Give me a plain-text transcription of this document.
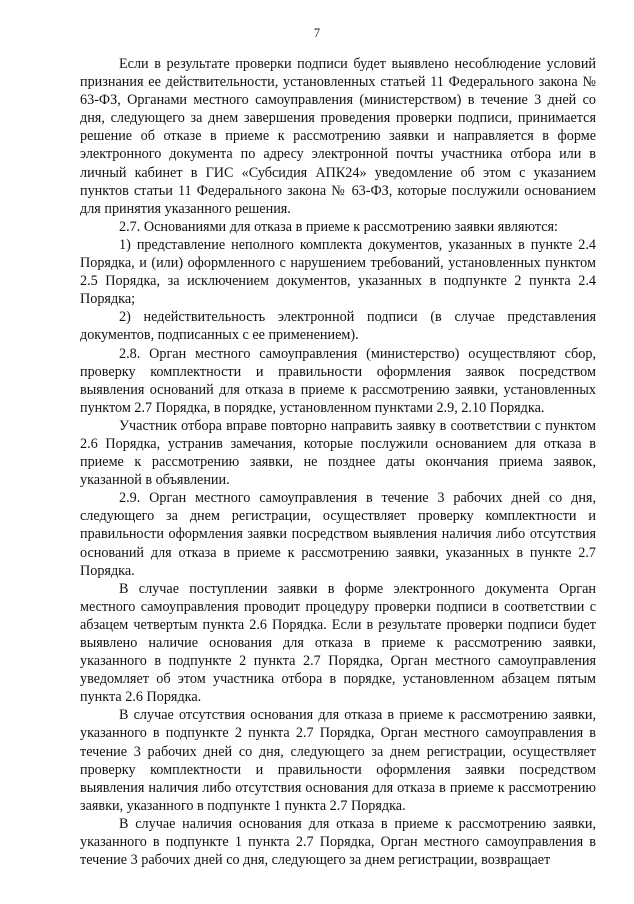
7

Если в результате проверки подписи будет выявлено несоблюдение условий признания ее действительности, установленных статьей 11 Федерального закона № 63-ФЗ, Органами местного самоуправления (министерством) в течение 3 дней со дня, следующего за днем завершения проведения проверки подписи, принимается решение об отказе в приеме к рассмотрению заявки и направляется в форме электронного документа по адресу электронной почты участника отбора или в личный кабинет в ГИС «Субсидия АПК24» уведомление об этом с указанием пунктов статьи 11 Федерального закона № 63-ФЗ, которые послужили основанием для принятия указанного решения.

2.7. Основаниями для отказа в приеме к рассмотрению заявки являются:

1) представление неполного комплекта документов, указанных в пункте 2.4 Порядка, и (или) оформленного с нарушением требований, установленных пунктом 2.5 Порядка, за исключением документов, указанных в подпункте 2 пункта 2.4 Порядка;

2) недействительность электронной подписи (в случае представления документов, подписанных с ее применением).

2.8. Орган местного самоуправления (министерство) осуществляют сбор, проверку комплектности и правильности оформления заявок посредством выявления оснований для отказа в приеме к рассмотрению заявки, установленных пунктом 2.7 Порядка, в порядке, установленном пунктами 2.9, 2.10 Порядка.

Участник отбора вправе повторно направить заявку в соответствии с пунктом 2.6 Порядка, устранив замечания, которые послужили основанием для отказа в приеме к рассмотрению заявки, не позднее даты окончания приема заявок, указанной в объявлении.

2.9. Орган местного самоуправления в течение 3 рабочих дней со дня, следующего за днем регистрации, осуществляет проверку комплектности и правильности оформления заявки посредством выявления наличия либо отсутствия оснований для отказа в приеме к рассмотрению заявки, указанных в пункте 2.7 Порядка.

В случае поступлении заявки в форме электронного документа Орган местного самоуправления проводит процедуру проверки подписи в соответствии с абзацем четвертым пункта 2.6 Порядка. Если в результате проверки подписи будет выявлено наличие основания для отказа в приеме к рассмотрению заявки, указанного в подпункте 2 пункта 2.7 Порядка, Орган местного самоуправления уведомляет об этом участника отбора в порядке, установленном абзацем пятым пункта 2.6 Порядка.

В случае отсутствия основания для отказа в приеме к рассмотрению заявки, указанного в подпункте 2 пункта 2.7 Порядка, Орган местного самоуправления в течение 3 рабочих дней со дня, следующего за днем регистрации, осуществляет проверку комплектности и правильности оформления заявки посредством выявления наличия либо отсутствия основания для отказа в приеме к рассмотрению заявки, указанного в подпункте 1 пункта 2.7 Порядка.

В случае наличия основания для отказа в приеме к рассмотрению заявки, указанного в подпункте 1 пункта 2.7 Порядка, Орган местного самоуправления в течение 3 рабочих дней со дня, следующего за днем регистрации, возвращает
